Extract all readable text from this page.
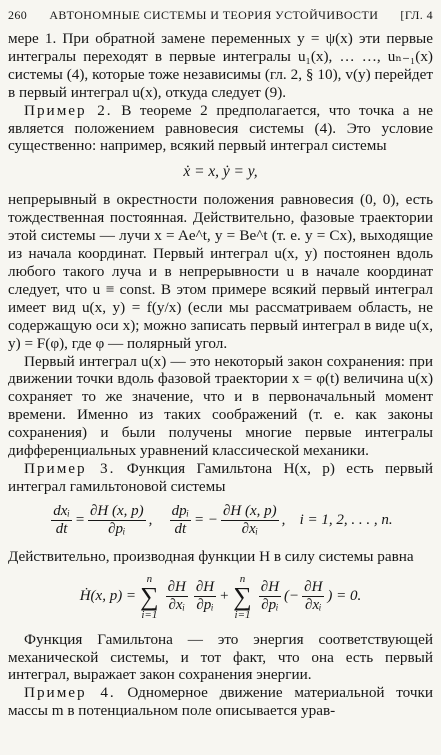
260 АВТОНОМНЫЕ СИСТЕМЫ И ТЕОРИЯ УСТОЙЧИВОСТИ [ГЛ. 4

мере 1. При обратной замене переменных y = ψ(x) эти первые интегралы переходят в первые интегралы u₁(x), … …, uₙ₋₁(x) системы (4), которые тоже независимы (гл. 2, § 10), v(y) перейдет в первый интеграл u(x), откуда следует (9).

Пример 2. В теореме 2 предполагается, что точка a не является положением равновесия системы (4). Это условие существенно: например, всякий первый интеграл системы

ẋ = x, ẏ = y,

непрерывный в окрестности положения равновесия (0, 0), есть тождественная постоянная. Действительно, фазовые траектории этой системы — лучи x = Ae^t, y = Be^t (т. е. y = Cx), выходящие из начала координат. Первый интеграл u(x, y) постоянен вдоль любого такого луча и в непрерывности u в начале координат следует, что u ≡ const. В этом примере всякий первый интеграл имеет вид u(x, y) = f(y/x) (если мы рассматриваем область, не содержащую оси x); можно записать первый интеграл в виде u(x, y) = F(φ), где φ — полярный угол.

Первый интеграл u(x) — это некоторый закон сохранения: при движении точки вдоль фазовой траектории x = φ(t) величина u(x) сохраняет то же значение, что и в первоначальный момент времени. Именно из таких соображений (т. е. как законы сохранения) и были получены многие первые интегралы дифференциальных уравнений классической механики.

Пример 3. Функция Гамильтона H(x, p) есть первый интеграл гамильтоновой системы

$\frac{\text{dxᵢ}}{dt} = \frac{\partial H (x, p)}{\text{∂pᵢ}}$ ,	$\frac{\text{dpᵢ}}{dt}$ = − $\frac{\partial H (x, p)}{\text{∂xᵢ}}$ , i = 1, 2, . . . , n.

Действительно, производная функции H в силу системы равна

Ḣ(x, p) =
n
∑
i=1
$\frac{\partial H}{\text{∂xᵢ}} \frac{\partial H}{\text{∂pᵢ}}$ +
n
∑
i=1
$\frac{\partial H}{\text{∂pᵢ}}$ (− $\frac{\partial H}{\text{∂xᵢ}}$ ) = 0.

Функция Гамильтона — это энергия соответствующей механической системы, и тот факт, что она есть первый интеграл, выражает закон сохранения энергии.

Пример 4. Одномерное движение материальной точки массы m в потенциальном поле описывается урав-
